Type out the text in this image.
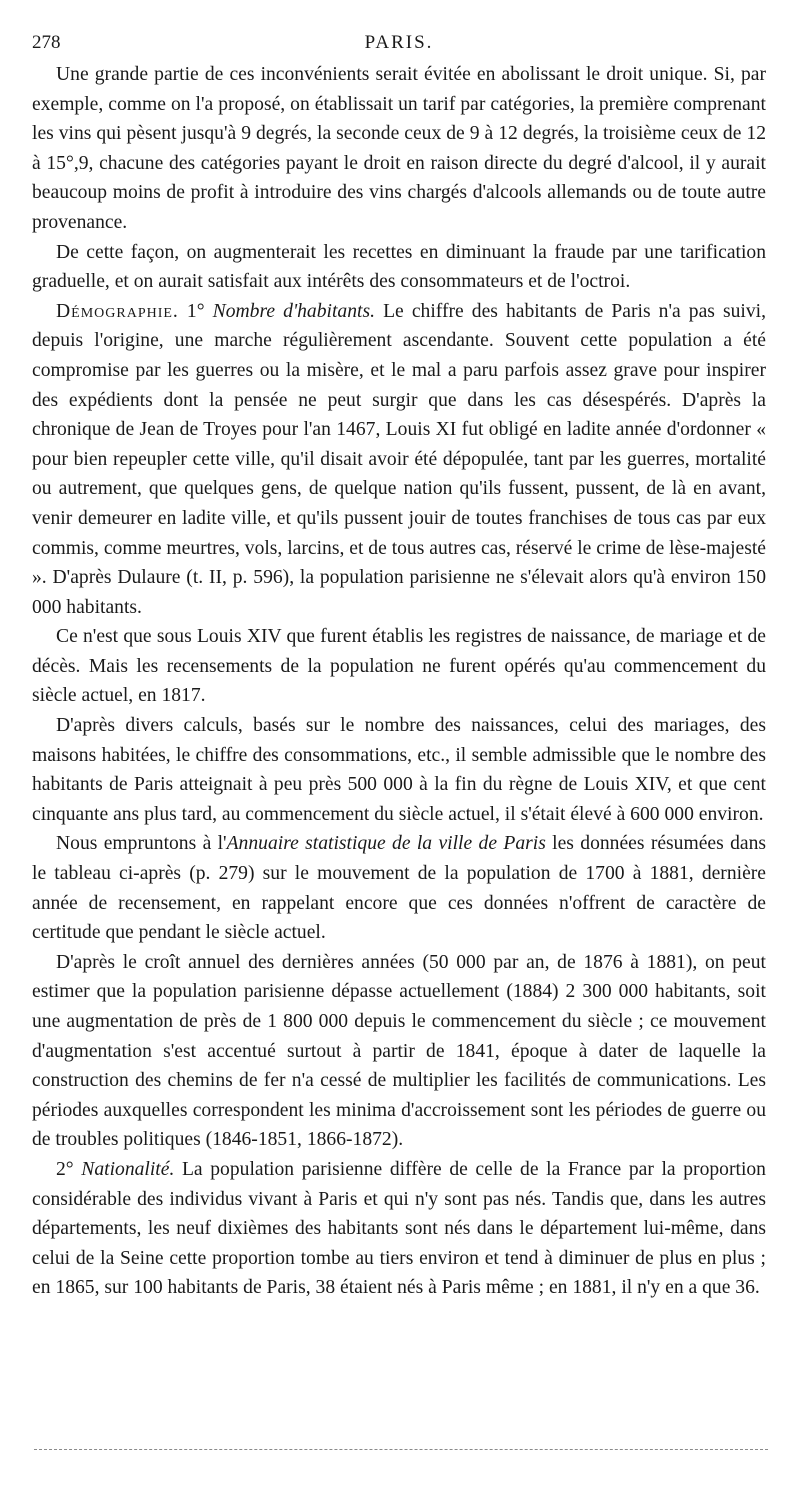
278	PARIS.

Une grande partie de ces inconvénients serait évitée en abolissant le droit unique. Si, par exemple, comme on l'a proposé, on établissait un tarif par catégories, la première comprenant les vins qui pèsent jusqu'à 9 degrés, la seconde ceux de 9 à 12 degrés, la troisième ceux de 12 à 15°,9, chacune des catégories payant le droit en raison directe du degré d'alcool, il y aurait beaucoup moins de profit à introduire des vins chargés d'alcools allemands ou de toute autre provenance.

De cette façon, on augmenterait les recettes en diminuant la fraude par une tarification graduelle, et on aurait satisfait aux intérêts des consommateurs et de l'octroi.

Démographie. 1° Nombre d'habitants. Le chiffre des habitants de Paris n'a pas suivi, depuis l'origine, une marche régulièrement ascendante. Souvent cette population a été compromise par les guerres ou la misère, et le mal a paru parfois assez grave pour inspirer des expédients dont la pensée ne peut surgir que dans les cas désespérés. D'après la chronique de Jean de Troyes pour l'an 1467, Louis XI fut obligé en ladite année d'ordonner « pour bien repeupler cette ville, qu'il disait avoir été dépopulée, tant par les guerres, mortalité ou autrement, que quelques gens, de quelque nation qu'ils fussent, pussent, de là en avant, venir demeurer en ladite ville, et qu'ils pussent jouir de toutes franchises de tous cas par eux commis, comme meurtres, vols, larcins, et de tous autres cas, réservé le crime de lèse-majesté ». D'après Dulaure (t. II, p. 596), la population parisienne ne s'élevait alors qu'à environ 150 000 habitants.

Ce n'est que sous Louis XIV que furent établis les registres de naissance, de mariage et de décès. Mais les recensements de la population ne furent opérés qu'au commencement du siècle actuel, en 1817.

D'après divers calculs, basés sur le nombre des naissances, celui des mariages, des maisons habitées, le chiffre des consommations, etc., il semble admissible que le nombre des habitants de Paris atteignait à peu près 500 000 à la fin du règne de Louis XIV, et que cent cinquante ans plus tard, au commencement du siècle actuel, il s'était élevé à 600 000 environ.

Nous empruntons à l'Annuaire statistique de la ville de Paris les données résumées dans le tableau ci-après (p. 279) sur le mouvement de la population de 1700 à 1881, dernière année de recensement, en rappelant encore que ces données n'offrent de caractère de certitude que pendant le siècle actuel.

D'après le croît annuel des dernières années (50 000 par an, de 1876 à 1881), on peut estimer que la population parisienne dépasse actuellement (1884) 2 300 000 habitants, soit une augmentation de près de 1 800 000 depuis le commencement du siècle ; ce mouvement d'augmentation s'est accentué surtout à partir de 1841, époque à dater de laquelle la construction des chemins de fer n'a cessé de multiplier les facilités de communications. Les périodes auxquelles correspondent les minima d'accroissement sont les périodes de guerre ou de troubles politiques (1846-1851, 1866-1872).

2° Nationalité. La population parisienne diffère de celle de la France par la proportion considérable des individus vivant à Paris et qui n'y sont pas nés. Tandis que, dans les autres départements, les neuf dixièmes des habitants sont nés dans le département lui-même, dans celui de la Seine cette proportion tombe au tiers environ et tend à diminuer de plus en plus ; en 1865, sur 100 habitants de Paris, 38 étaient nés à Paris même ; en 1881, il n'y en a que 36.
